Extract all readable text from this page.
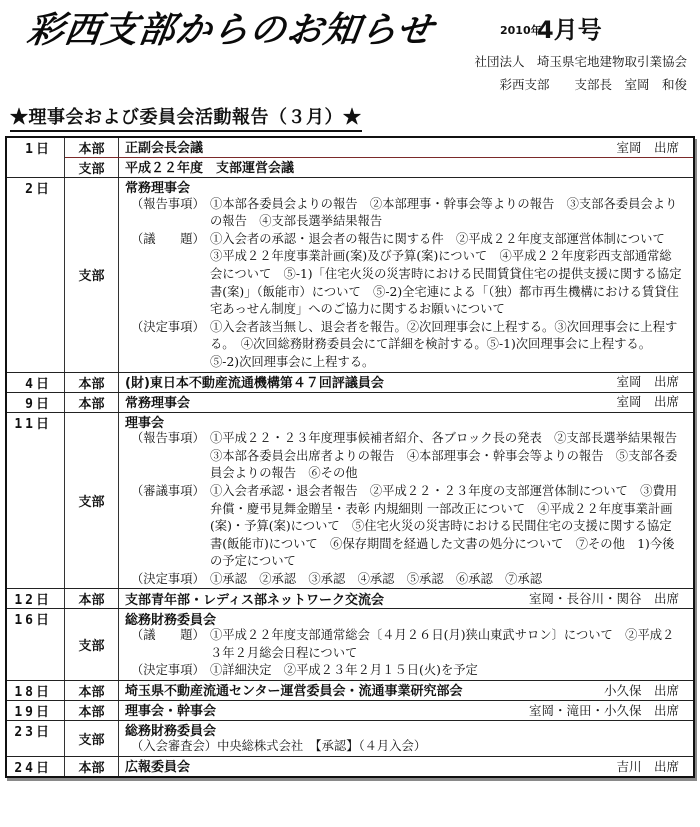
彩西支部からのお知らせ	2010年
4月号
社団法人　埼玉県宅地建物取引業協会
彩西支部　　支部長　室岡　和俊
★理事会および委員会活動報告（３月）★
1日	本部	正副会長会議	室岡　出席
支部	平成２２年度　支部運営会議
2日
支部
常務理事会
（報告事項） ①本部各委員会よりの報告　②本部理事・幹事会等よりの報告　③支部各委員会よりの報告　④支部長選挙結果報告
（議　　題） ①入会者の承認・退会者の報告に関する件　②平成２２年度支部運営体制について　③平成２２年度事業計画(案)及び予算(案)について　④平成２２年度彩西支部通常総会について　⑤-1)「住宅火災の災害時における民間賃貸住宅の提供支援に関する協定書(案)」（飯能市）について　⑤-2)全宅連による「（独）都市再生機構における賃貸住宅あっせん制度」へのご協力に関するお願いについて
（決定事項） ①入会者該当無し、退会者を報告。②次回理事会に上程する。③次回理事会に上程する。　④次回総務財務委員会にて詳細を検討する。⑤-1)次回理事会に上程する。　⑤-2)次回理事会に上程する。
4日	本部	(財)東日本不動産流通機構第４７回評議員会	室岡　出席
9日	本部	常務理事会	室岡　出席
11日
支部
理事会
（報告事項） ①平成２２・２３年度理事候補者紹介、各ブロック長の発表　②支部長選挙結果報告　③本部各委員会出席者よりの報告　④本部理事会・幹事会等よりの報告　⑤支部各委員会よりの報告　⑥その他
（審議事項） ①入会者承認・退会者報告　②平成２２・２３年度の支部運営体制について　③費用弁償・慶弔見舞金贈呈・表彰 内規細則 一部改正について　④平成２２年度事業計画(案)・予算(案)について　⑤住宅火災の災害時における民間住宅の支援に関する協定書(飯能市)について　⑥保存期間を経過した文書の処分について　⑦その他　1)今後の予定について
（決定事項） ①承認　②承認　③承認　④承認　⑤承認　⑥承認　⑦承認
12日	本部	支部青年部・レディス部ネットワーク交流会	室岡・長谷川・関谷　出席
16日
支部
総務財務委員会
（議　　題） ①平成２２年度支部通常総会〔４月２６日(月)狭山東武サロン〕について　②平成２３年２月総会日程について
（決定事項） ①詳細決定　②平成２３年２月１５日(火)を予定
18日	本部	埼玉県不動産流通センター運営委員会・流通事業研究部会	小久保　出席
19日	本部	理事会・幹事会	室岡・滝田・小久保　出席
23日
支部
総務財務委員会
（入会審査会）中央総株式会社　【承認】（４月入会）
24日	本部	広報委員会	吉川　出席
